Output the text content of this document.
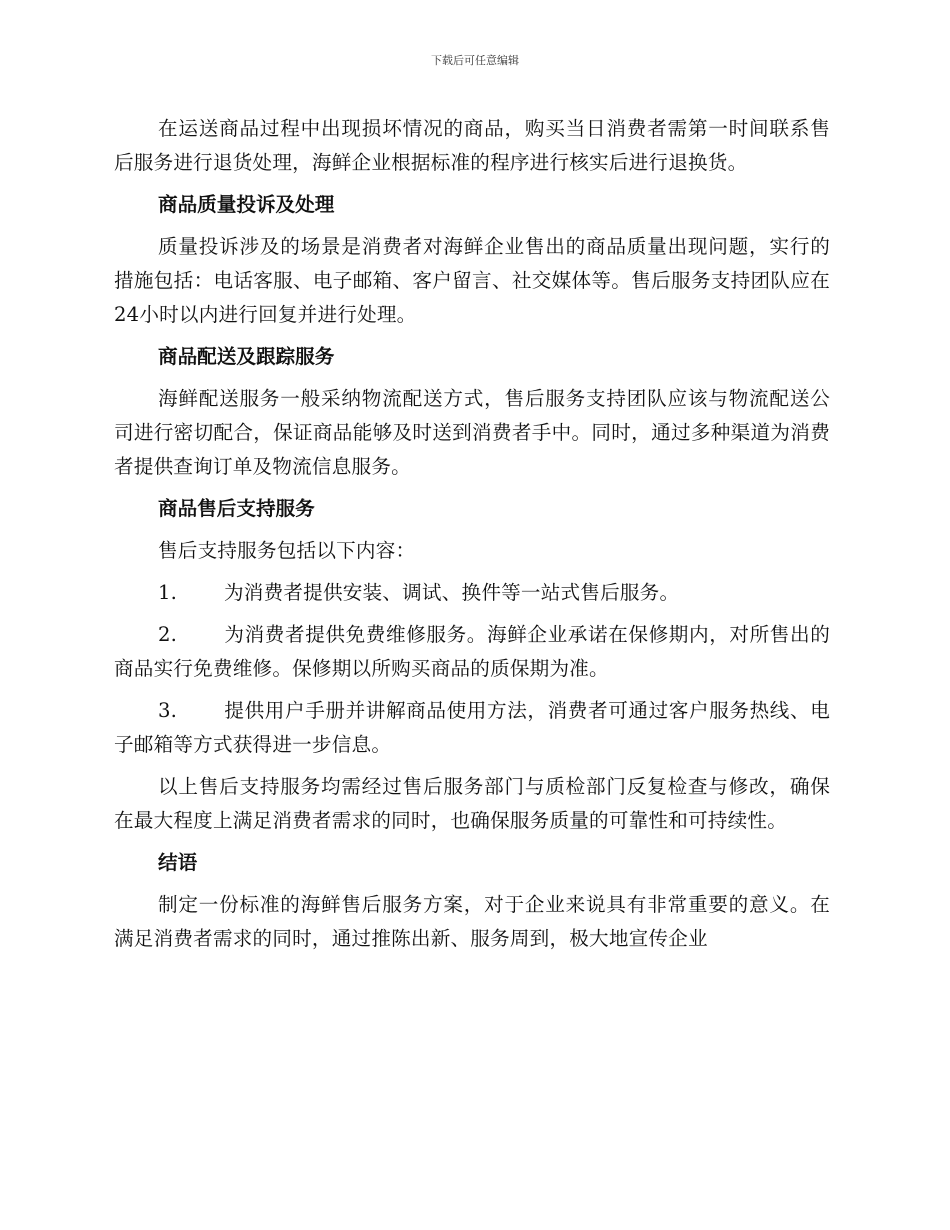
下载后可任意编辑

在运送商品过程中出现损坏情况的商品，购买当日消费者需第一时间联系售后服务进行退货处理，海鲜企业根据标准的程序进行核实后进行退换货。

商品质量投诉及处理

质量投诉涉及的场景是消费者对海鲜企业售出的商品质量出现问题，实行的措施包括：电话客服、电子邮箱、客户留言、社交媒体等。售后服务支持团队应在24小时以内进行回复并进行处理。

商品配送及跟踪服务

海鲜配送服务一般采纳物流配送方式，售后服务支持团队应该与物流配送公司进行密切配合，保证商品能够及时送到消费者手中。同时，通过多种渠道为消费者提供查询订单及物流信息服务。

商品售后支持服务

售后支持服务包括以下内容：

1. 为消费者提供安装、调试、换件等一站式售后服务。

2. 为消费者提供免费维修服务。海鲜企业承诺在保修期内，对所售出的商品实行免费维修。保修期以所购买商品的质保期为准。

3. 提供用户手册并讲解商品使用方法，消费者可通过客户服务热线、电子邮箱等方式获得进一步信息。

以上售后支持服务均需经过售后服务部门与质检部门反复检查与修改，确保在最大程度上满足消费者需求的同时，也确保服务质量的可靠性和可持续性。

结语

制定一份标准的海鲜售后服务方案，对于企业来说具有非常重要的意义。在满足消费者需求的同时，通过推陈出新、服务周到，极大地宣传企业
